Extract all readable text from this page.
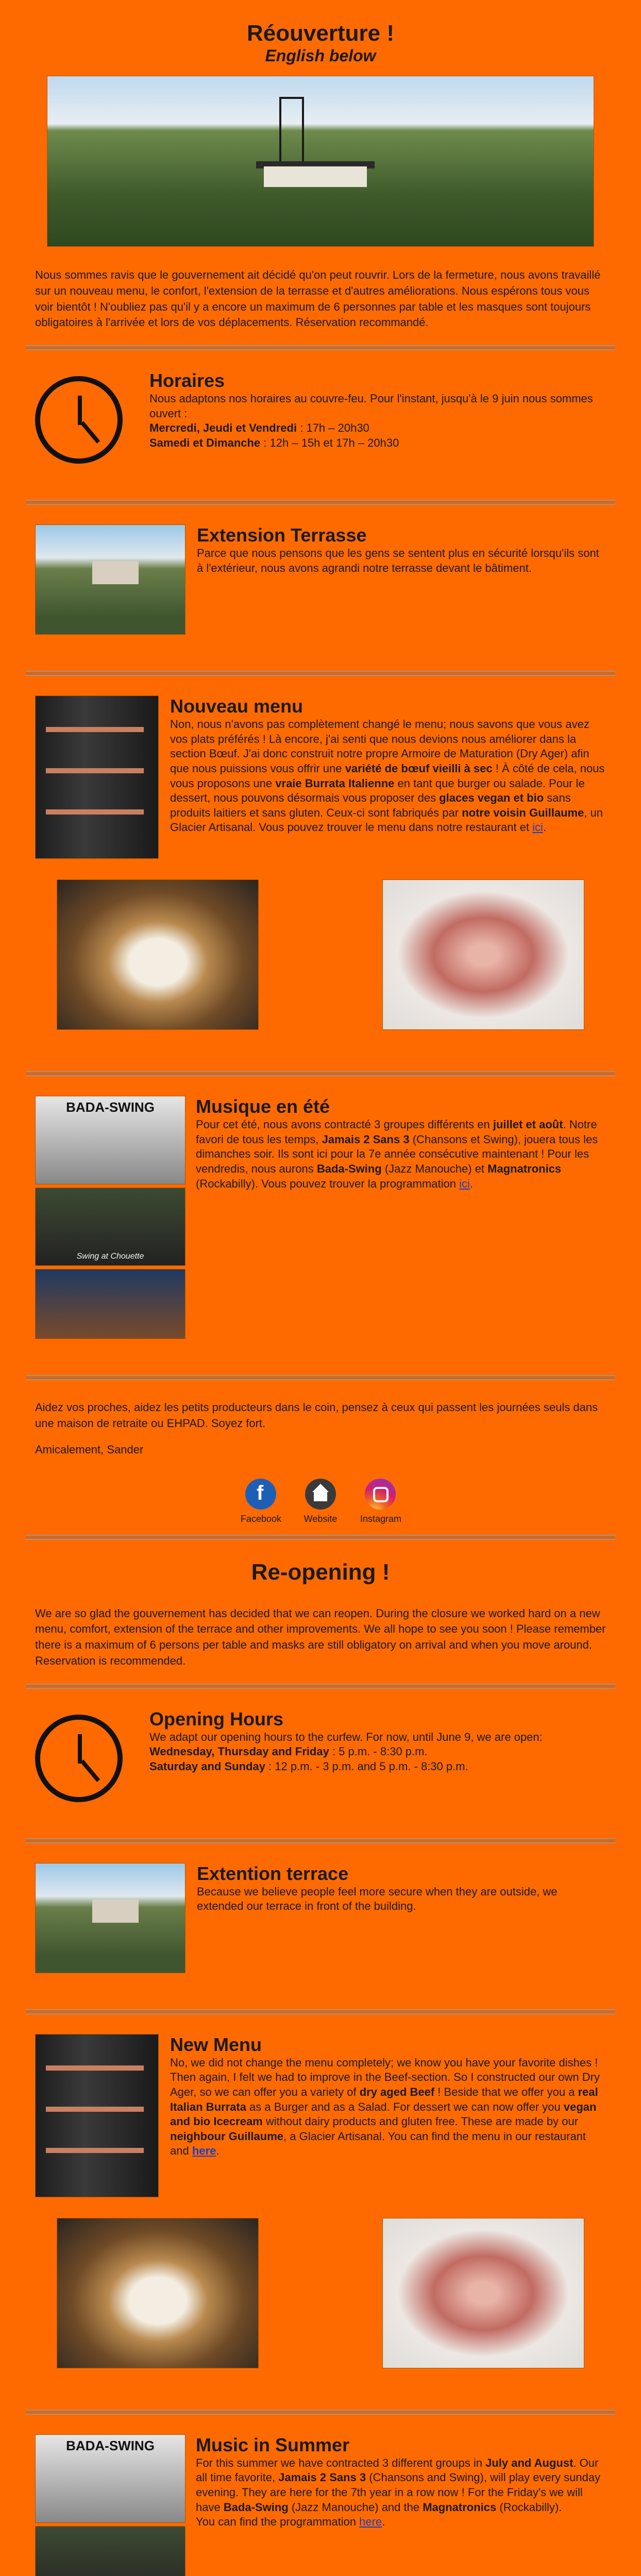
Réouverture !
English below

Nous sommes ravis que le gouvernement ait décidé qu'on peut rouvrir. Lors de la fermeture, nous avons travaillé sur un nouveau menu, le confort, l'extension de la terrasse et d'autres améliorations. Nous espérons tous vous voir bientôt ! N'oubliez pas qu'il y a encore un maximum de 6 personnes par table et les masques sont toujours obligatoires à l'arrivée et lors de vos déplacements. Réservation recommandé.

Horaires
Nous adaptons nos horaires au couvre-feu. Pour l'instant, jusqu'à le 9 juin nous sommes ouvert :
Mercredi, Jeudi et Vendredi : 17h – 20h30
Samedi et Dimanche : 12h – 15h et 17h – 20h30
Extension Terrasse
Parce que nous pensons que les gens se sentent plus en sécurité lorsqu'ils sont à l'extérieur, nous avons agrandi notre terrasse devant le bâtiment.
Nouveau menu
Non, nous n'avons pas complètement changé le menu; nous savons que vous avez vos plats préférés ! Là encore, j'ai senti que nous devions nous améliorer dans la section Bœuf. J'ai donc construit notre propre Armoire de Maturation (Dry Ager) afin que nous puissions vous offrir une variété de bœuf vieilli à sec ! À côté de cela, nous vous proposons une vraie Burrata Italienne en tant que burger ou salade. Pour le dessert, nous pouvons désormais vous proposer des glaces vegan et bio sans produits laitiers et sans gluten. Ceux-ci sont fabriqués par notre voisin Guillaume, un Glacier Artisanal. Vous pouvez trouver le menu dans notre restaurant et ici.
BADA-SWING
Swing at Chouette
Musique en été
Pour cet été, nous avons contracté 3 groupes différents en juillet et août. Notre favori de tous les temps, Jamais 2 Sans 3 (Chansons et Swing), jouera tous les dimanches soir. Ils sont ici pour la 7e année consécutive maintenant ! Pour les vendredis, nous aurons Bada-Swing (Jazz Manouche) et Magnatronics (Rockabilly). Vous pouvez trouver la programmation ici.

Aidez vos proches, aidez les petits producteurs dans le coin, pensez à ceux qui passent les journées seuls dans une maison de retraite ou EHPAD. Soyez fort.

Amicalement, Sander

f
Facebook	Website	Instagram
Re-opening !

We are so glad the gouvernement has decided that we can reopen. During the closure we worked hard on a new menu, comfort, extension of the terrace and other improvements. We all hope to see you soon ! Please remember there is a maximum of 6 persons per table and masks are still obligatory on arrival and when you move around. Reservation is recommended.

Opening Hours
We adapt our opening hours to the curfew. For now, until June 9, we are open:
Wednesday, Thursday and Friday : 5 p.m. - 8:30 p.m.
Saturday and Sunday : 12 p.m. - 3 p.m. and 5 p.m. - 8:30 p.m.
Extention terrace
Because we believe people feel more secure when they are outside, we extended our terrace in front of the building.
New Menu
No, we did not change the menu completely; we know you have your favorite dishes ! Then again, I felt we had to improve in the Beef-section. So I constructed our own Dry Ager, so we can offer you a variety of dry aged Beef ! Beside that we offer you a real Italian Burrata as a Burger and as a Salad. For dessert we can now offer you vegan and bio Icecream without dairy products and gluten free. These are made by our neighbour Guillaume, a Glacier Artisanal. You can find the menu in our restaurant and here.
BADA-SWING	Music in Summer
For this summer we have contracted 3 different groups in July and August. Our all time favorite, Jamais 2 Sans 3 (Chansons and Swing), will play every sunday evening. They are here for the 7th year in a row now ! For the Friday's we will have Bada-Swing (Jazz Manouche) and the Magnatronics (Rockabilly).
You can find the programmation here.
